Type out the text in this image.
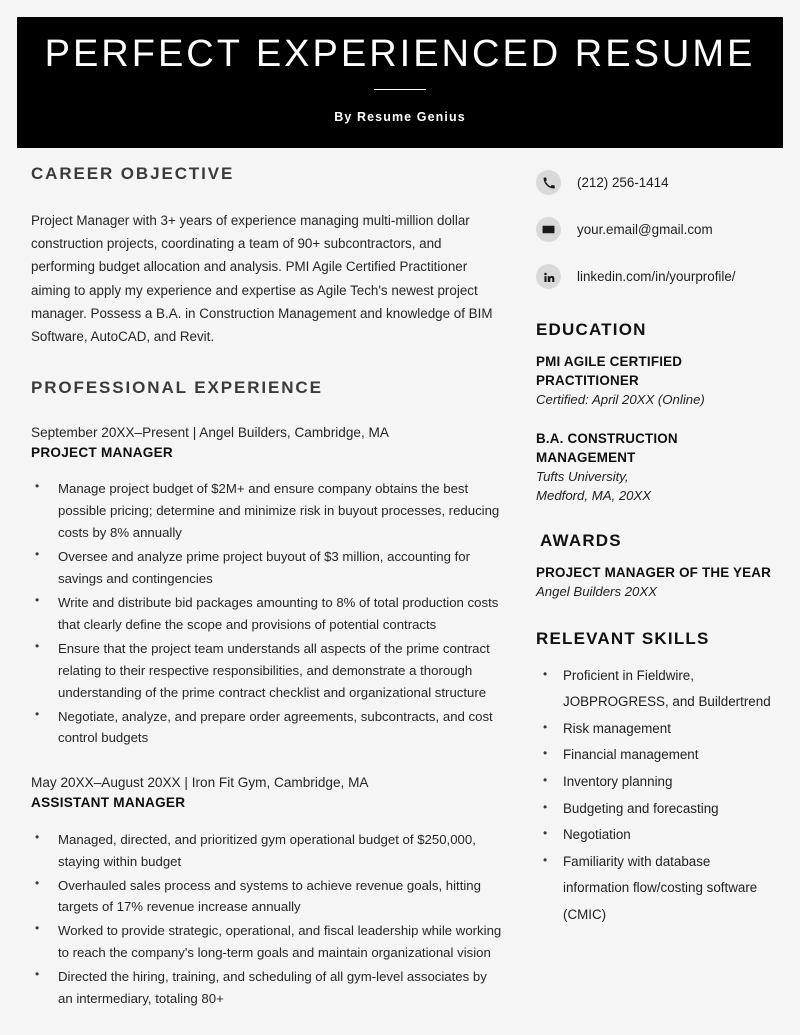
PERFECT EXPERIENCED RESUME
By Resume Genius
CAREER OBJECTIVE

Project Manager with 3+ years of experience managing multi-million dollar construction projects, coordinating a team of 90+ subcontractors, and performing budget allocation and analysis. PMI Agile Certified Practitioner aiming to apply my experience and expertise as Agile Tech's newest project manager. Possess a B.A. in Construction Management and knowledge of BIM Software, AutoCAD, and Revit.

PROFESSIONAL EXPERIENCE
September 20XX–Present | Angel Builders, Cambridge, MA
PROJECT MANAGER
• Manage project budget of $2M+ and ensure company obtains the best possible pricing; determine and minimize risk in buyout processes, reducing costs by 8% annually
• Oversee and analyze prime project buyout of $3 million, accounting for savings and contingencies
• Write and distribute bid packages amounting to 8% of total production costs that clearly define the scope and provisions of potential contracts
• Ensure that the project team understands all aspects of the prime contract relating to their respective responsibilities, and demonstrate a thorough understanding of the prime contract checklist and organizational structure
• Negotiate, analyze, and prepare order agreements, subcontracts, and cost control budgets
May 20XX–August 20XX | Iron Fit Gym, Cambridge, MA
ASSISTANT MANAGER
• Managed, directed, and prioritized gym operational budget of $250,000, staying within budget
• Overhauled sales process and systems to achieve revenue goals, hitting targets of 17% revenue increase annually
• Worked to provide strategic, operational, and fiscal leadership while working to reach the company's long-term goals and maintain organizational vision
• Directed the hiring, training, and scheduling of all gym-level associates by an intermediary, totaling 80+
(212) 256-1414
your.email@gmail.com
linkedin.com/in/yourprofile/
EDUCATION
PMI AGILE CERTIFIED PRACTITIONER
Certified: April 20XX (Online)
B.A. CONSTRUCTION MANAGEMENT
Tufts University,
Medford, MA, 20XX
AWARDS
PROJECT MANAGER OF THE YEAR
Angel Builders 20XX
RELEVANT SKILLS
• Proficient in Fieldwire, JOBPROGRESS, and Buildertrend
• Risk management
• Financial management
• Inventory planning
• Budgeting and forecasting
• Negotiation
• Familiarity with database information flow/costing software (CMIC)
